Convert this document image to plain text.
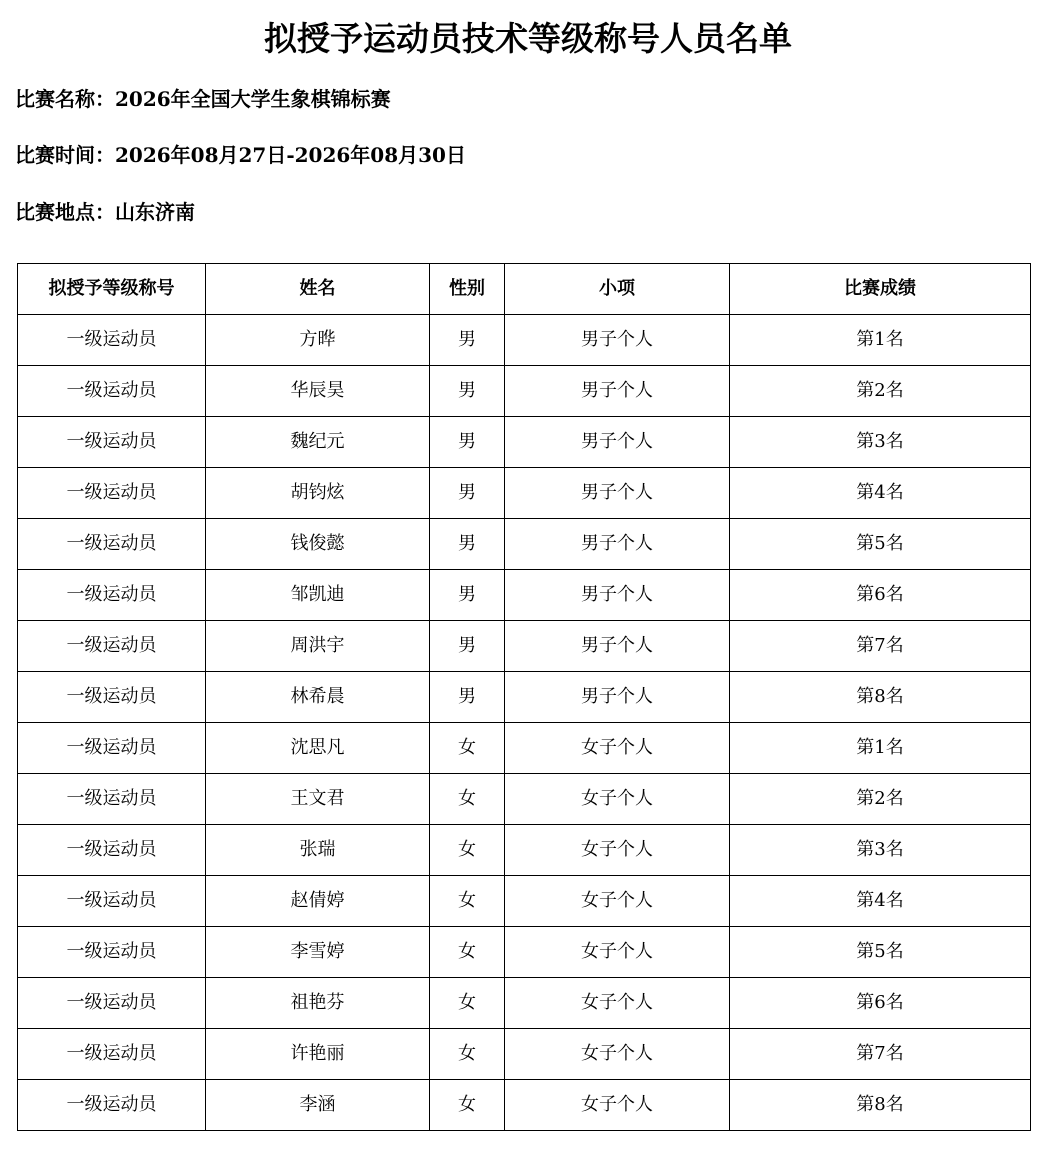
拟授予运动员技术等级称号人员名单
比赛名称：2026年全国大学生象棋锦标赛
比赛时间：2026年08月27日-2026年08月30日
比赛地点：山东济南
拟授予等级称号	姓名	性别	小项	比赛成绩
一级运动员	方晔	男	男子个人	第1名
一级运动员	华辰昊	男	男子个人	第2名
一级运动员	魏纪元	男	男子个人	第3名
一级运动员	胡钧炫	男	男子个人	第4名
一级运动员	钱俊懿	男	男子个人	第5名
一级运动员	邹凯迪	男	男子个人	第6名
一级运动员	周洪宇	男	男子个人	第7名
一级运动员	林希晨	男	男子个人	第8名
一级运动员	沈思凡	女	女子个人	第1名
一级运动员	王文君	女	女子个人	第2名
一级运动员	张瑞	女	女子个人	第3名
一级运动员	赵倩婷	女	女子个人	第4名
一级运动员	李雪婷	女	女子个人	第5名
一级运动员	祖艳芬	女	女子个人	第6名
一级运动员	许艳丽	女	女子个人	第7名
一级运动员	李涵	女	女子个人	第8名
